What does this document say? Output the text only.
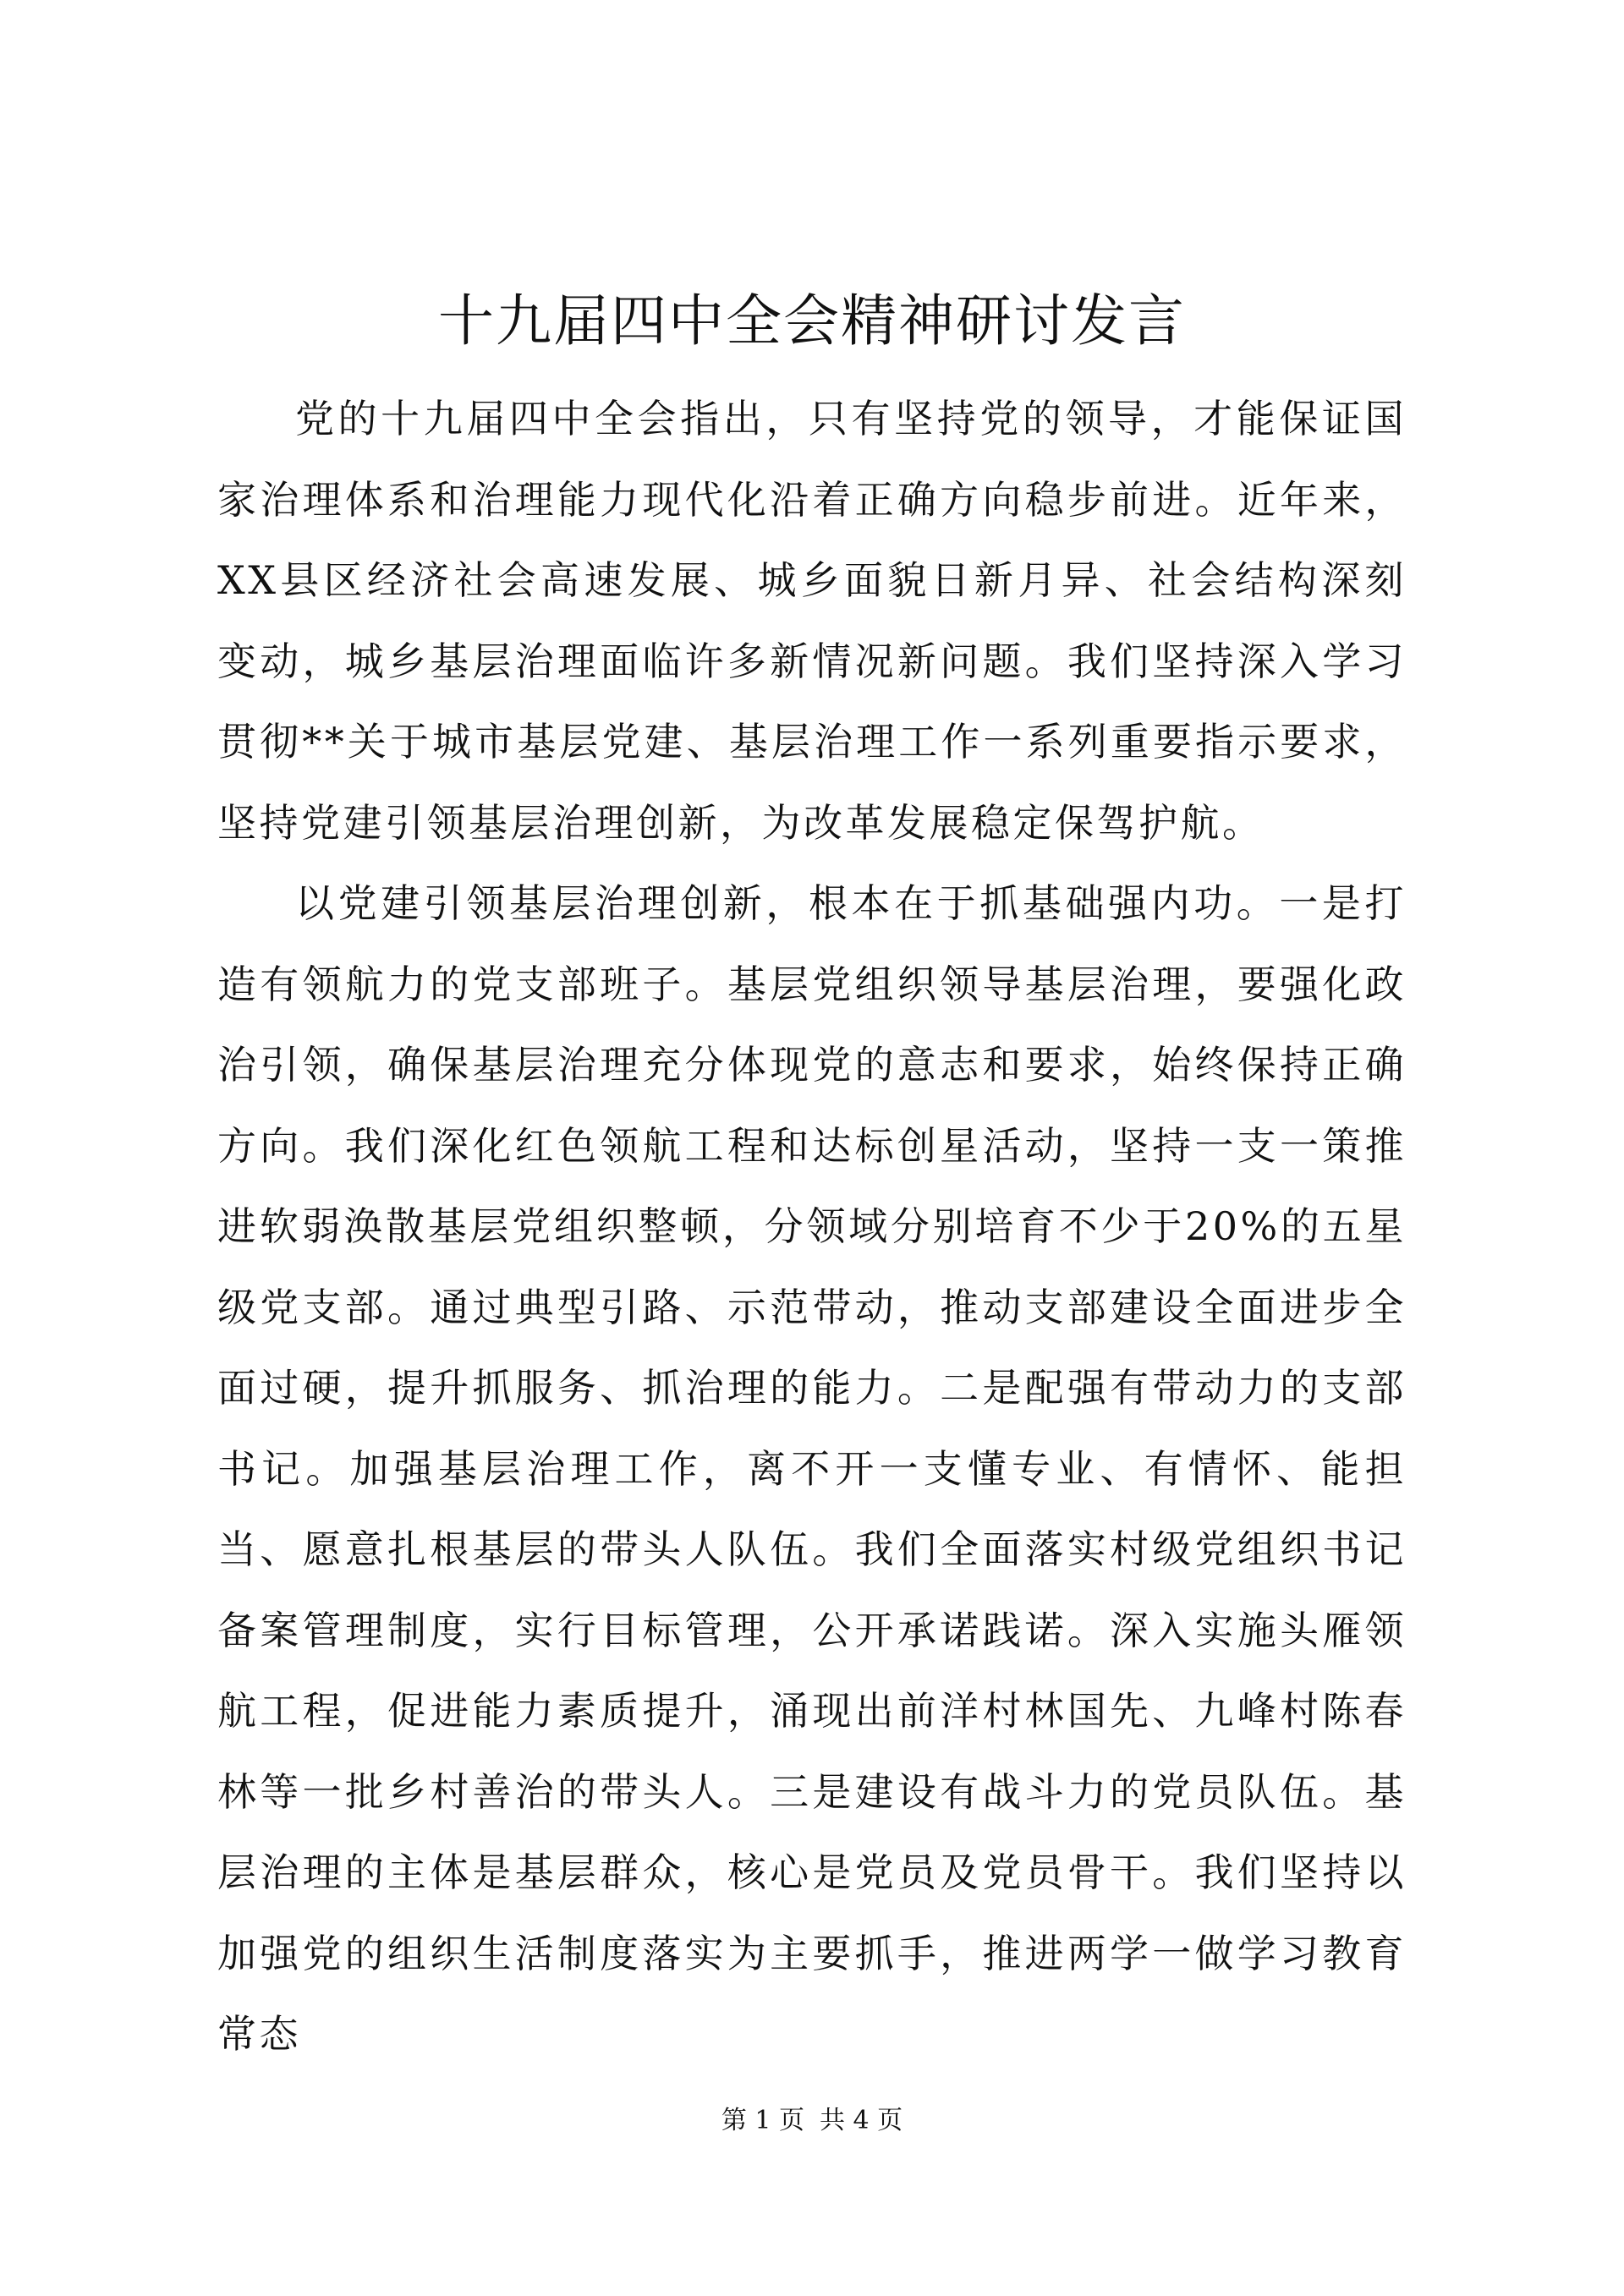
十九届四中全会精神研讨发言

党的十九届四中全会指出，只有坚持党的领导，才能保证国家治理体系和治理能力现代化沿着正确方向稳步前进。近年来，XX县区经济社会高速发展、城乡面貌日新月异、社会结构深刻变动，城乡基层治理面临许多新情况新问题。我们坚持深入学习贯彻**关于城市基层党建、基层治理工作一系列重要指示要求，坚持党建引领基层治理创新，为改革发展稳定保驾护航。

以党建引领基层治理创新，根本在于抓基础强内功。一是打造有领航力的党支部班子。基层党组织领导基层治理，要强化政治引领，确保基层治理充分体现党的意志和要求，始终保持正确方向。我们深化红色领航工程和达标创星活动，坚持一支一策推进软弱涣散基层党组织整顿，分领域分别培育不少于20%的五星级党支部。通过典型引路、示范带动，推动支部建设全面进步全面过硬，提升抓服务、抓治理的能力。二是配强有带动力的支部书记。加强基层治理工作，离不开一支懂专业、有情怀、能担当、愿意扎根基层的带头人队伍。我们全面落实村级党组织书记备案管理制度，实行目标管理，公开承诺践诺。深入实施头雁领航工程，促进能力素质提升，涌现出前洋村林国先、九峰村陈春林等一批乡村善治的带头人。三是建设有战斗力的党员队伍。基层治理的主体是基层群众，核心是党员及党员骨干。我们坚持以加强党的组织生活制度落实为主要抓手，推进两学一做学习教育常态

第 1 页 共 4 页
